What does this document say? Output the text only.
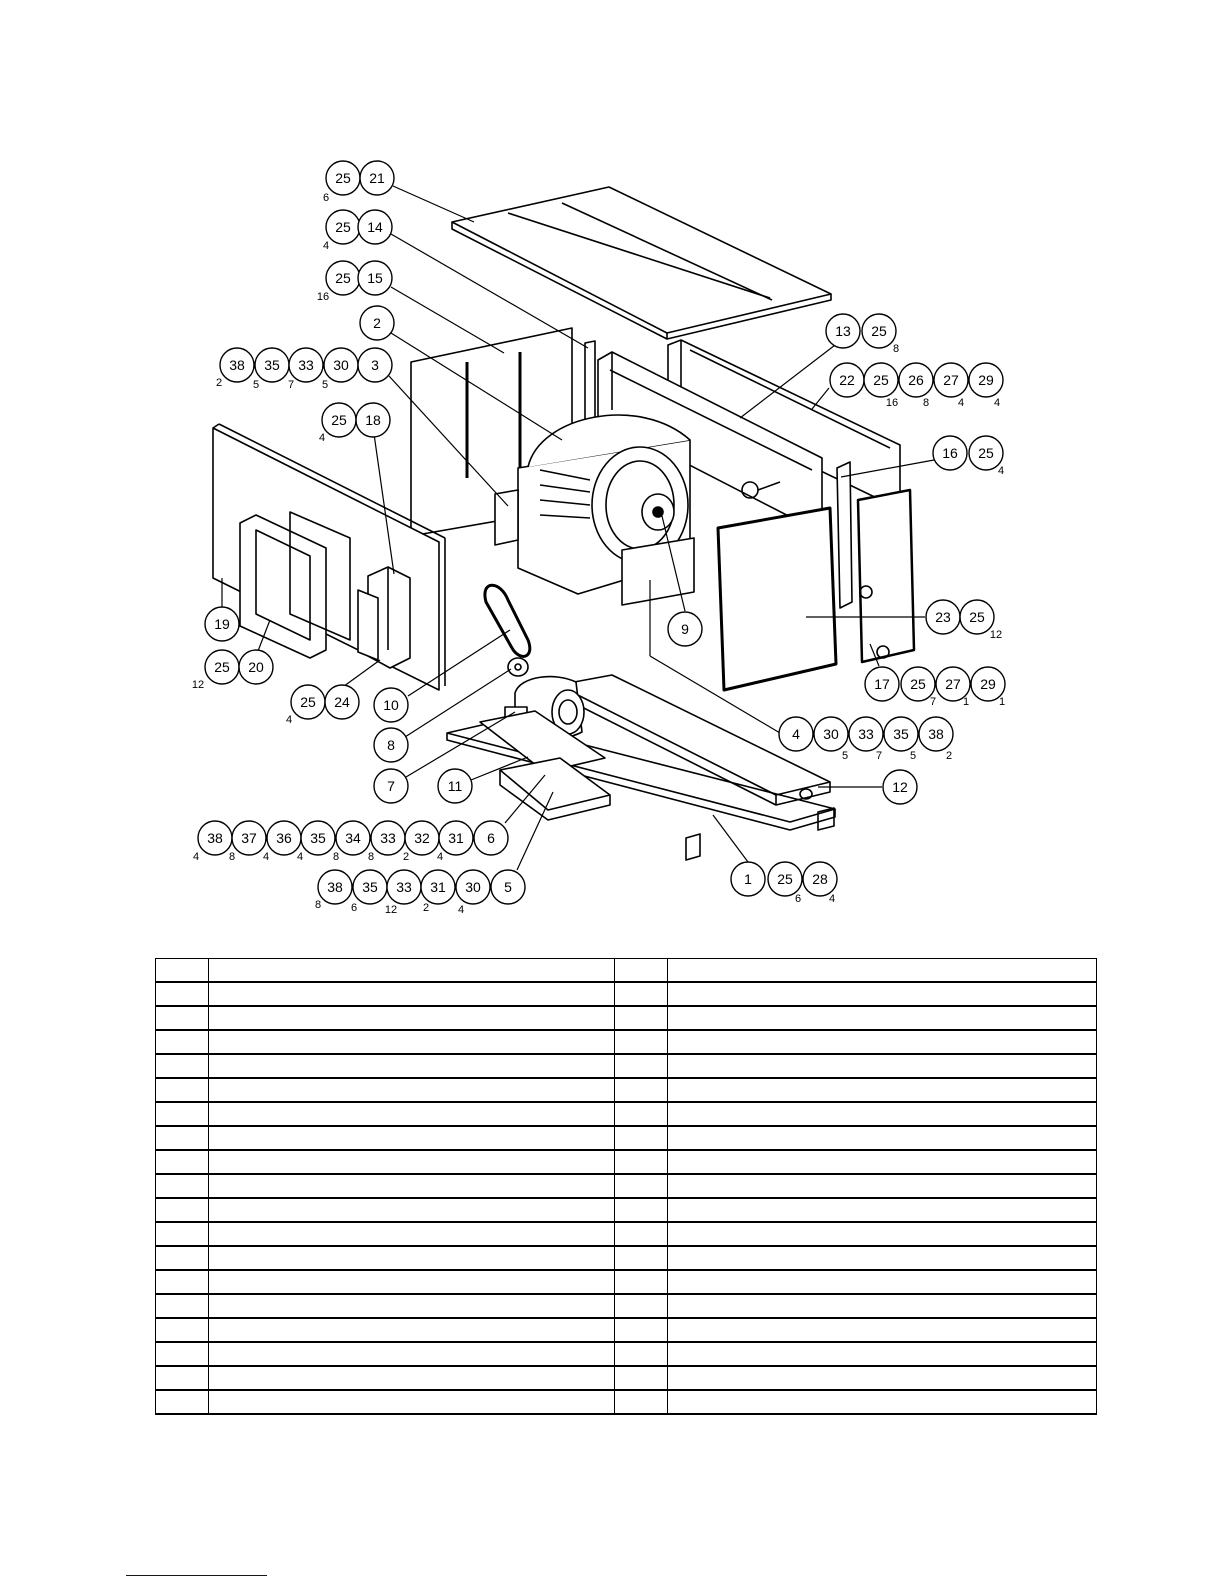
25 21
6
25 14
4
25 15
16
2
38 35 33 30 3
2	5	7	5
25 18
4
13 25
8
22 25 26 27 29
16 8	4	4
16 25
4
19
25 20
12
25 24
4
10
9
23 25
12
17 25 27 29
7 1	1
8
4 30 33 35 38
5	7	5	2
7	11	12
38 37 36 35 34 33 32 31 6
4	8	4	4	8	8	2	4
38 35 33 31 30 5
8	6	12 2	4
1 25 28
6	4
